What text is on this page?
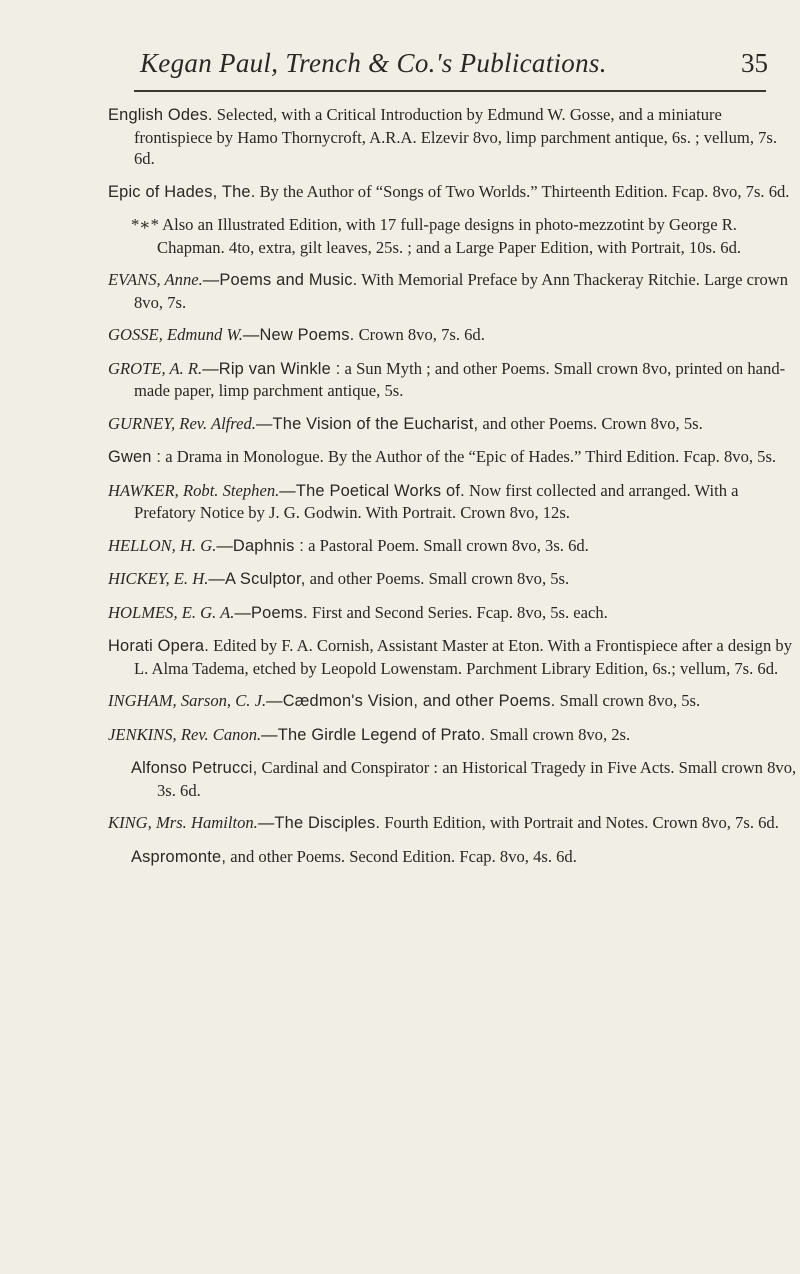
Kegan Paul, Trench & Co.'s Publications.	35

English Odes. Selected, with a Critical Introduction by Edmund W. Gosse, and a miniature frontispiece by Hamo Thornycroft, A.R.A. Elzevir 8vo, limp parchment antique, 6s. ; vellum, 7s. 6d.

Epic of Hades, The. By the Author of “Songs of Two Worlds.” Thirteenth Edition. Fcap. 8vo, 7s. 6d.

*∗* Also an Illustrated Edition, with 17 full-page designs in photo-mezzotint by George R. Chapman. 4to, extra, gilt leaves, 25s. ; and a Large Paper Edition, with Portrait, 10s. 6d.

EVANS, Anne.—Poems and Music. With Memorial Preface by Ann Thackeray Ritchie. Large crown 8vo, 7s.

GOSSE, Edmund W.—New Poems. Crown 8vo, 7s. 6d.

GROTE, A. R.—Rip van Winkle : a Sun Myth ; and other Poems. Small crown 8vo, printed on hand-made paper, limp parchment antique, 5s.

GURNEY, Rev. Alfred.—The Vision of the Eucharist, and other Poems. Crown 8vo, 5s.

Gwen : a Drama in Monologue. By the Author of the “Epic of Hades.” Third Edition. Fcap. 8vo, 5s.

HAWKER, Robt. Stephen.—The Poetical Works of. Now first collected and arranged. With a Prefatory Notice by J. G. Godwin. With Portrait. Crown 8vo, 12s.

HELLON, H. G.—Daphnis : a Pastoral Poem. Small crown 8vo, 3s. 6d.

HICKEY, E. H.—A Sculptor, and other Poems. Small crown 8vo, 5s.

HOLMES, E. G. A.—Poems. First and Second Series. Fcap. 8vo, 5s. each.

Horati Opera. Edited by F. A. Cornish, Assistant Master at Eton. With a Frontispiece after a design by L. Alma Tadema, etched by Leopold Lowenstam. Parchment Library Edition, 6s.; vellum, 7s. 6d.

INGHAM, Sarson, C. J.—Cædmon's Vision, and other Poems. Small crown 8vo, 5s.

JENKINS, Rev. Canon.—The Girdle Legend of Prato. Small crown 8vo, 2s.

Alfonso Petrucci, Cardinal and Conspirator : an Historical Tragedy in Five Acts. Small crown 8vo, 3s. 6d.

KING, Mrs. Hamilton.—The Disciples. Fourth Edition, with Portrait and Notes. Crown 8vo, 7s. 6d.

Aspromonte, and other Poems. Second Edition. Fcap. 8vo, 4s. 6d.
